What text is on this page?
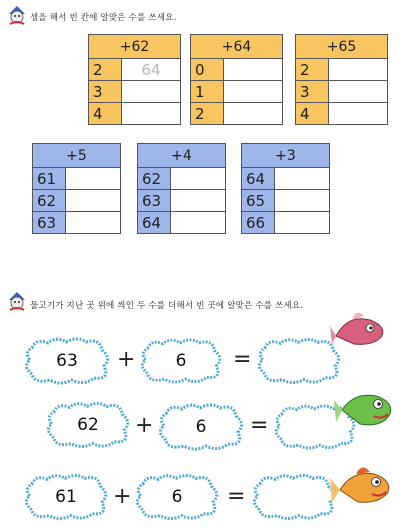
셈을 해서 빈 칸에 알맞은 수를 쓰세요.
+62	
2	64
3	
4	
+64	
0	
1	
2	
+65	
2	
3	
4	
+5	
61	
62	
63	
+4	
62	
63	
64	
+3	
64	
65	
66	
물고기가 지난 곳 위에 씌인 두 수를 더해서 빈 곳에 알맞은 수를 쓰세요.
63	+	6	=
62	+	6	=
61	+	6	=
